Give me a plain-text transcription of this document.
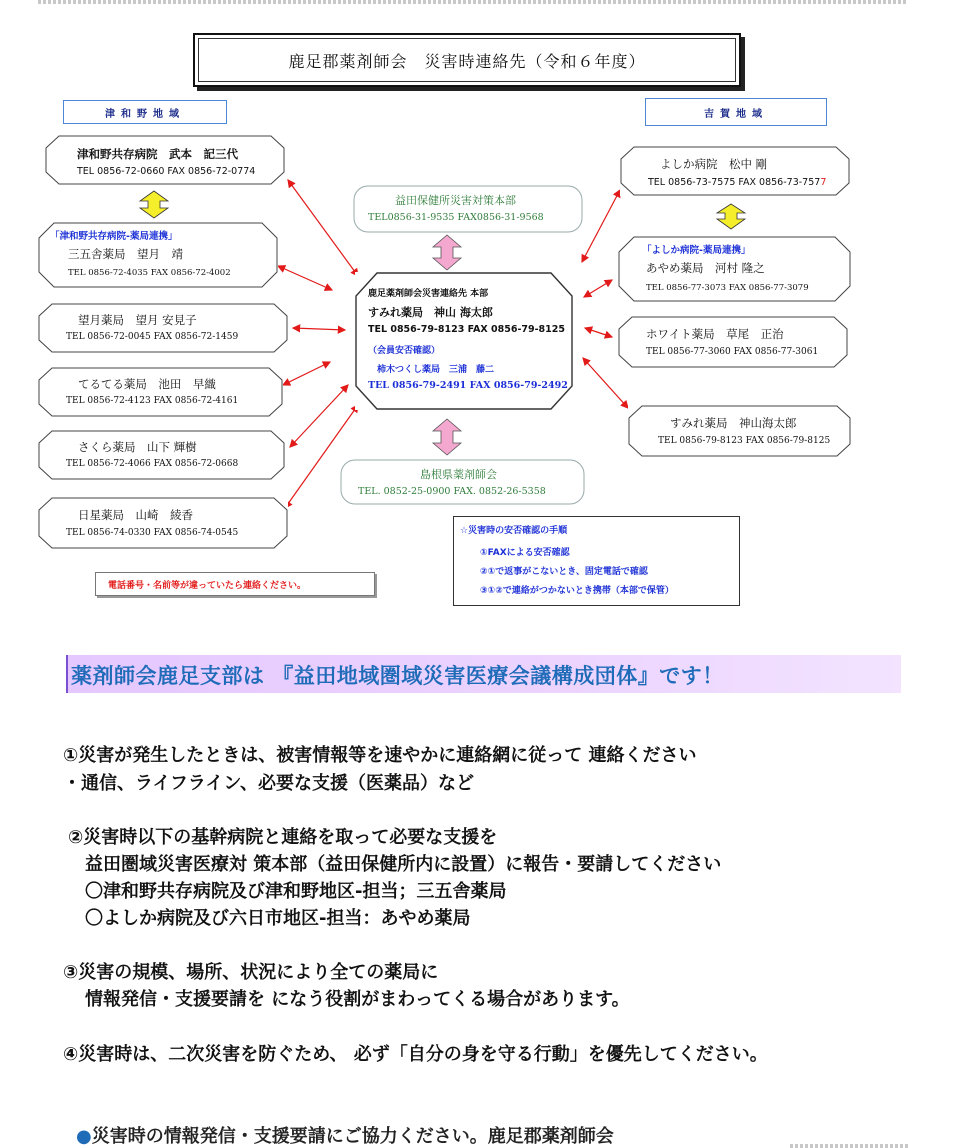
鹿足郡薬剤師会　災害時連絡先（令和６年度）
津和野地域	吉賀地域
津和野共存病院　武本　記三代
TEL 0856-72-0660 FAX 0856-72-0774
「津和野共存病院-薬局連携」
三五舎薬局　望月　靖
TEL 0856-72-4035 FAX 0856-72-4002
望月薬局　望月 安見子
TEL 0856-72-0045 FAX 0856-72-1459
てるてる薬局　池田　早織
TEL 0856-72-4123 FAX 0856-72-4161
さくら薬局　山下 輝樹
TEL 0856-72-4066 FAX 0856-72-0668
日星薬局　山崎　綾香
TEL 0856-74-0330 FAX 0856-74-0545
よしか病院　松中 剛
TEL 0856-73-7575 FAX 0856-73-7577
「よしか病院-薬局連携」
あやめ薬局　河村 隆之
TEL 0856-77-3073 FAX 0856-77-3079
ホワイト薬局　草尾　正治
TEL 0856-77-3060 FAX 0856-77-3061
すみれ薬局　神山海太郎
TEL 0856-79-8123 FAX 0856-79-8125
益田保健所災害対策本部
TEL0856-31-9535 FAX0856-31-9568
鹿足薬剤師会災害連絡先 本部
すみれ薬局　神山 海太郎
TEL 0856-79-8123 FAX 0856-79-8125
（会員安否確認）
柿木つくし薬局　三浦　藤二
TEL 0856-79-2491 FAX 0856-79-2492
島根県薬剤師会
TEL. 0852-25-0900 FAX. 0852-26-5358
電話番号・名前等が違っていたら連絡ください。
☆災害時の安否確認の手順
①FAXによる安否確認
②①で返事がこないとき、固定電話で確認
③①②で連絡がつかないとき携帯（本部で保管）
薬剤師会鹿足支部は 『益田地域圏域災害医療会議構成団体』です！
①災害が発生したときは、被害情報等を速やかに連絡網に従って 連絡ください
・通信、ライフライン、必要な支援（医薬品）など
②災害時以下の基幹病院と連絡を取って必要な支援を
益田圏域災害医療対 策本部（益田保健所内に設置）に報告・要請してください
〇津和野共存病院及び津和野地区-担当；三五舎薬局
〇よしか病院及び六日市地区-担当：あやめ薬局
③災害の規模、場所、状況により全ての薬局に
情報発信・支援要請を になう役割がまわってくる場合があります。
④災害時は、二次災害を防ぐため、 必ず「自分の身を守る行動」を優先してください。
●災害時の情報発信・支援要請にご協力ください。鹿足郡薬剤師会
